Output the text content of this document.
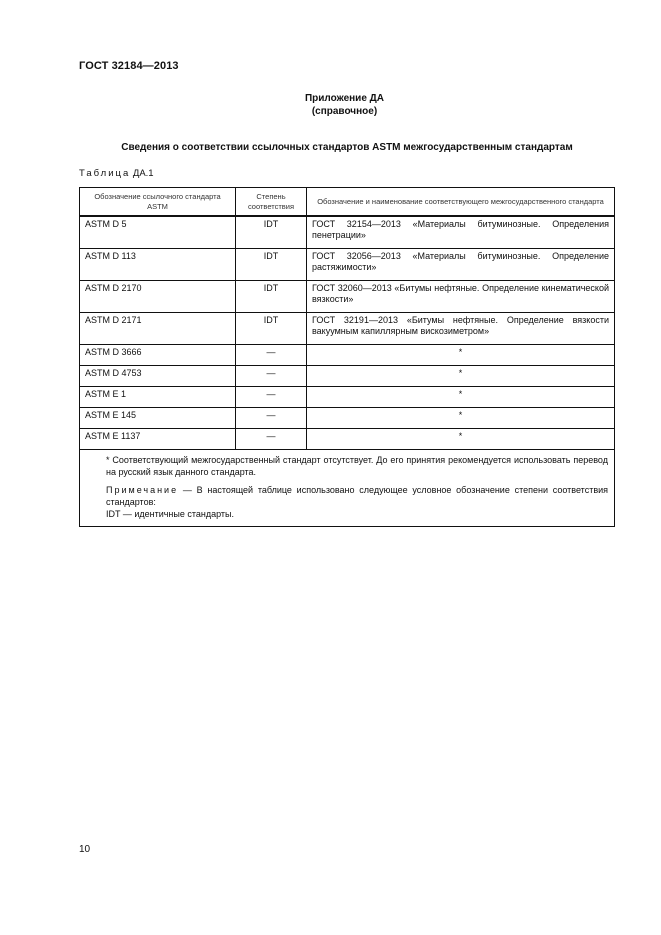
ГОСТ 32184—2013
Приложение ДА
(справочное)
Сведения о соответствии ссылочных стандартов ASTM межгосударственным стандартам
Таблица ДА.1
Обозначение ссылочного стандарта ASTM	Степень соответствия	Обозначение и наименование соответствующего межгосударственного стандарта
ASTM D 5	IDT	ГОСТ 32154—2013 «Материалы битуминозные. Определения пенетрации»
ASTM D 113	IDT	ГОСТ 32056—2013 «Материалы битуминозные. Определение растяжимости»
ASTM D 2170	IDT	ГОСТ 32060—2013 «Битумы нефтяные. Определение кинематической вязкости»
ASTM D 2171	IDT	ГОСТ 32191—2013 «Битумы нефтяные. Определение вязкости вакуумным капиллярным вискозиметром»
ASTM D 3666	—	*
ASTM D 4753	—	*
ASTM E 1	—	*
ASTM E 145	—	*
ASTM E 1137	—	*

* Соответствующий межгосударственный стандарт отсутствует. До его принятия рекомендуется использовать перевод на русский язык данного стандарта.

Примечание — В настоящей таблице использовано следующее условное обозначение степени соответствия стандартов:

IDT — идентичные стандарты.		

10
